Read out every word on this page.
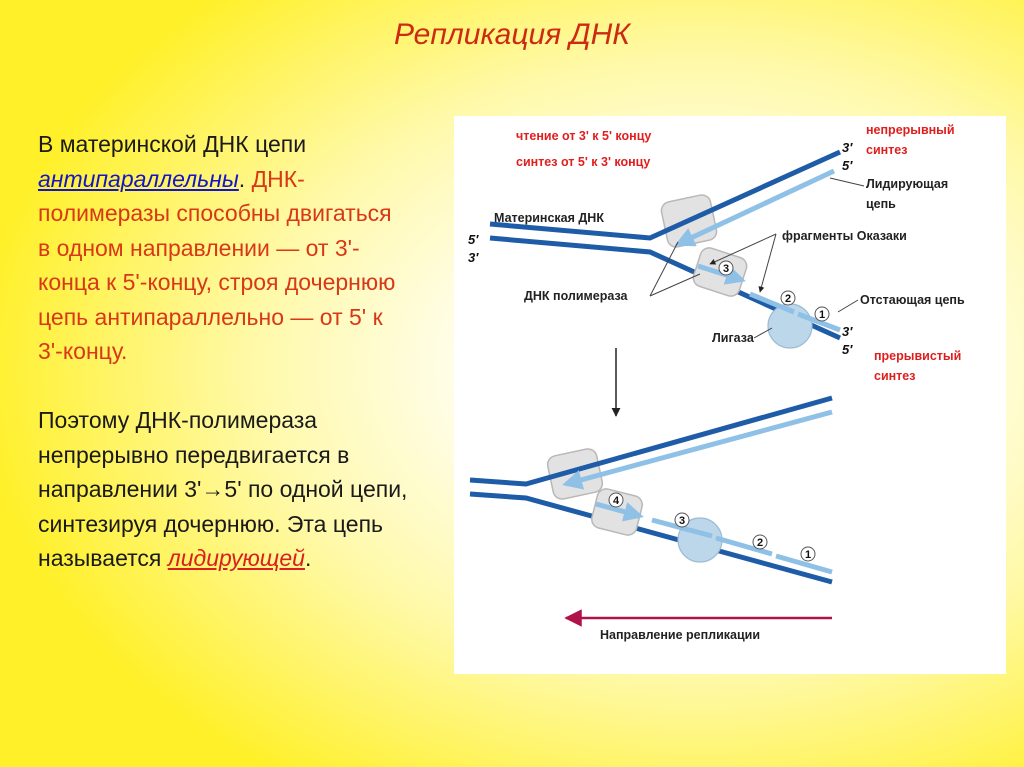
Репликация ДНК

В материнской ДНК цепи антипараллельны. ДНК-полимеразы способны двигаться в одном направлении — от 3'-конца к 5'-концу, строя дочернюю цепь антипараллельно — от 5' к 3'-концу.

Поэтому ДНК-полимераза непрерывно передвигается в направлении 3'→5' по одной цепи, синтезируя дочернюю. Эта цепь называется лидирующей.

3
2
1
5′
3′
3′
5′
3′
5′
чтение от 3' к 5' концу
синтез от 5' к 3' концу
непрерывный
синтез
Лидирующая
цепь
Материнская ДНК
фрагменты Оказаки
ДНК полимераза	Отстающая цепь
Лигаза
прерывистый
синтез
4
3
2
1
Направление репликации
